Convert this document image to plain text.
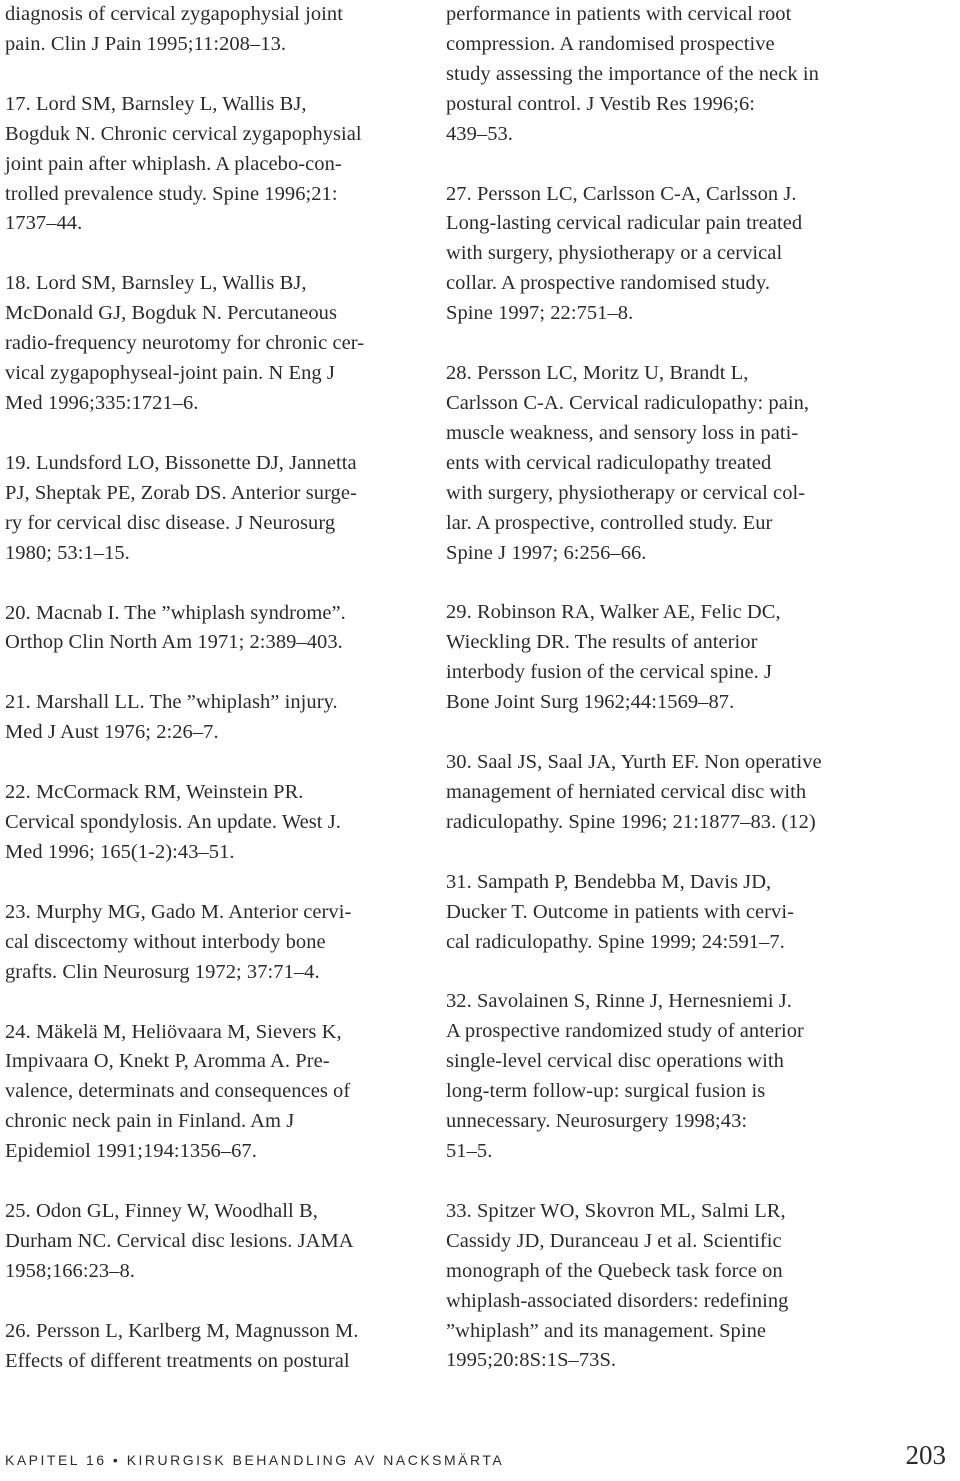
diagnosis of cervical zygapophysial joint
pain. Clin J Pain 1995;11:208–13.

17. Lord SM, Barnsley L, Wallis BJ,
Bogduk N. Chronic cervical zygapophysial
joint pain after whiplash. A placebo-con-
trolled prevalence study. Spine 1996;21:
1737–44.

18. Lord SM, Barnsley L, Wallis BJ,
McDonald GJ, Bogduk N. Percutaneous
radio-frequency neurotomy for chronic cer-
vical zygapophyseal-joint pain. N Eng J
Med 1996;335:1721–6.

19. Lundsford LO, Bissonette DJ, Jannetta
PJ, Sheptak PE, Zorab DS. Anterior surge-
ry for cervical disc disease. J Neurosurg
1980; 53:1–15.

20. Macnab I. The ”whiplash syndrome”.
Orthop Clin North Am 1971; 2:389–403.

21. Marshall LL. The ”whiplash” injury.
Med J Aust 1976; 2:26–7.

22. McCormack RM, Weinstein PR.
Cervical spondylosis. An update. West J.
Med 1996; 165(1-2):43–51.

23. Murphy MG, Gado M. Anterior cervi-
cal discectomy without interbody bone
grafts. Clin Neurosurg 1972; 37:71–4.

24. Mäkelä M, Heliövaara M, Sievers K,
Impivaara O, Knekt P, Aromma A. Pre-
valence, determinats and consequences of
chronic neck pain in Finland. Am J
Epidemiol 1991;194:1356–67.

25. Odon GL, Finney W, Woodhall B,
Durham NC. Cervical disc lesions. JAMA
1958;166:23–8.

26. Persson L, Karlberg M, Magnusson M.
Effects of different treatments on postural

performance in patients with cervical root
compression. A randomised prospective
study assessing the importance of the neck in
postural control. J Vestib Res 1996;6:
439–53.

27. Persson LC, Carlsson C-A, Carlsson J.
Long-lasting cervical radicular pain treated
with surgery, physiotherapy or a cervical
collar. A prospective randomised study.
Spine 1997; 22:751–8.

28. Persson LC, Moritz U, Brandt L,
Carlsson C-A. Cervical radiculopathy: pain,
muscle weakness, and sensory loss in pati-
ents with cervical radiculopathy treated
with surgery, physiotherapy or cervical col-
lar. A prospective, controlled study. Eur
Spine J 1997; 6:256–66.

29. Robinson RA, Walker AE, Felic DC,
Wieckling DR. The results of anterior
interbody fusion of the cervical spine. J
Bone Joint Surg 1962;44:1569–87.

30. Saal JS, Saal JA, Yurth EF. Non operative
management of herniated cervical disc with
radiculopathy. Spine 1996; 21:1877–83. (12)

31. Sampath P, Bendebba M, Davis JD,
Ducker T. Outcome in patients with cervi-
cal radiculopathy. Spine 1999; 24:591–7.

32. Savolainen S, Rinne J, Hernesniemi J.
A prospective randomized study of anterior
single-level cervical disc operations with
long-term follow-up: surgical fusion is
unnecessary. Neurosurgery 1998;43:
51–5.

33. Spitzer WO, Skovron ML, Salmi LR,
Cassidy JD, Duranceau J et al. Scientific
monograph of the Quebeck task force on
whiplash-associated disorders: redefining
”whiplash” and its management. Spine
1995;20:8S:1S–73S.

KAPITEL 16 • KIRURGISK BEHANDLING AV NACKSMÄRTA	203
